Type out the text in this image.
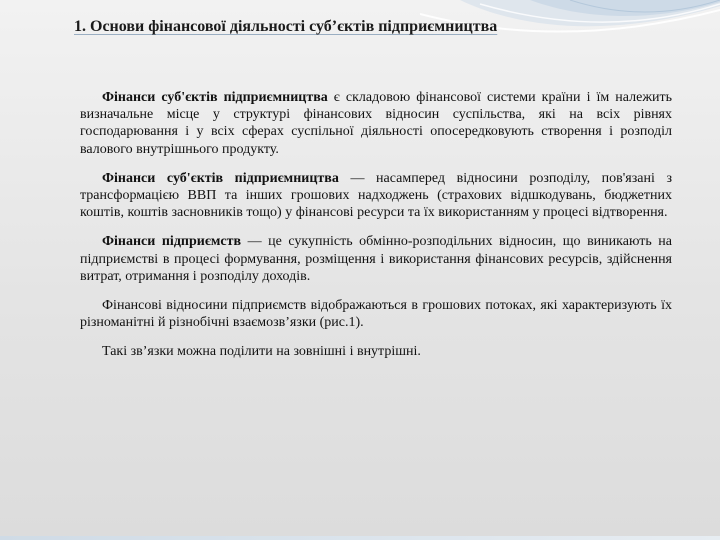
1. Основи фінансової діяльності суб’єктів підприємництва

Фінанси суб'єктів підприємництва є складовою фінансової системи країни і їм належить визначальне місце у структурі фінансових відносин суспільства, які на всіх рівнях господарювання і у всіх сферах суспільної діяльності опосередковують створення і розподіл валового внутрішнього продукту.

Фінанси суб'єктів підприємництва — насамперед відносини розподілу, пов'язані з трансформацією ВВП та інших грошових надходжень (страхових відшкодувань, бюджетних коштів, коштів засновників тощо) у фінансові ресурси та їх використанням у процесі відтворення.

Фінанси підприємств — це сукупність обмінно-розподільних відносин, що виникають на підприємстві в процесі формування, розміщення і використання фінансових ресурсів, здійснення витрат, отримання і розподілу доходів.

Фінансові відносини підприємств відображаються в грошових потоках, які характеризують їх різноманітні й різнобічні взаємозв’язки (рис.1).

Такі зв’язки можна поділити на зовнішні і внутрішні.
